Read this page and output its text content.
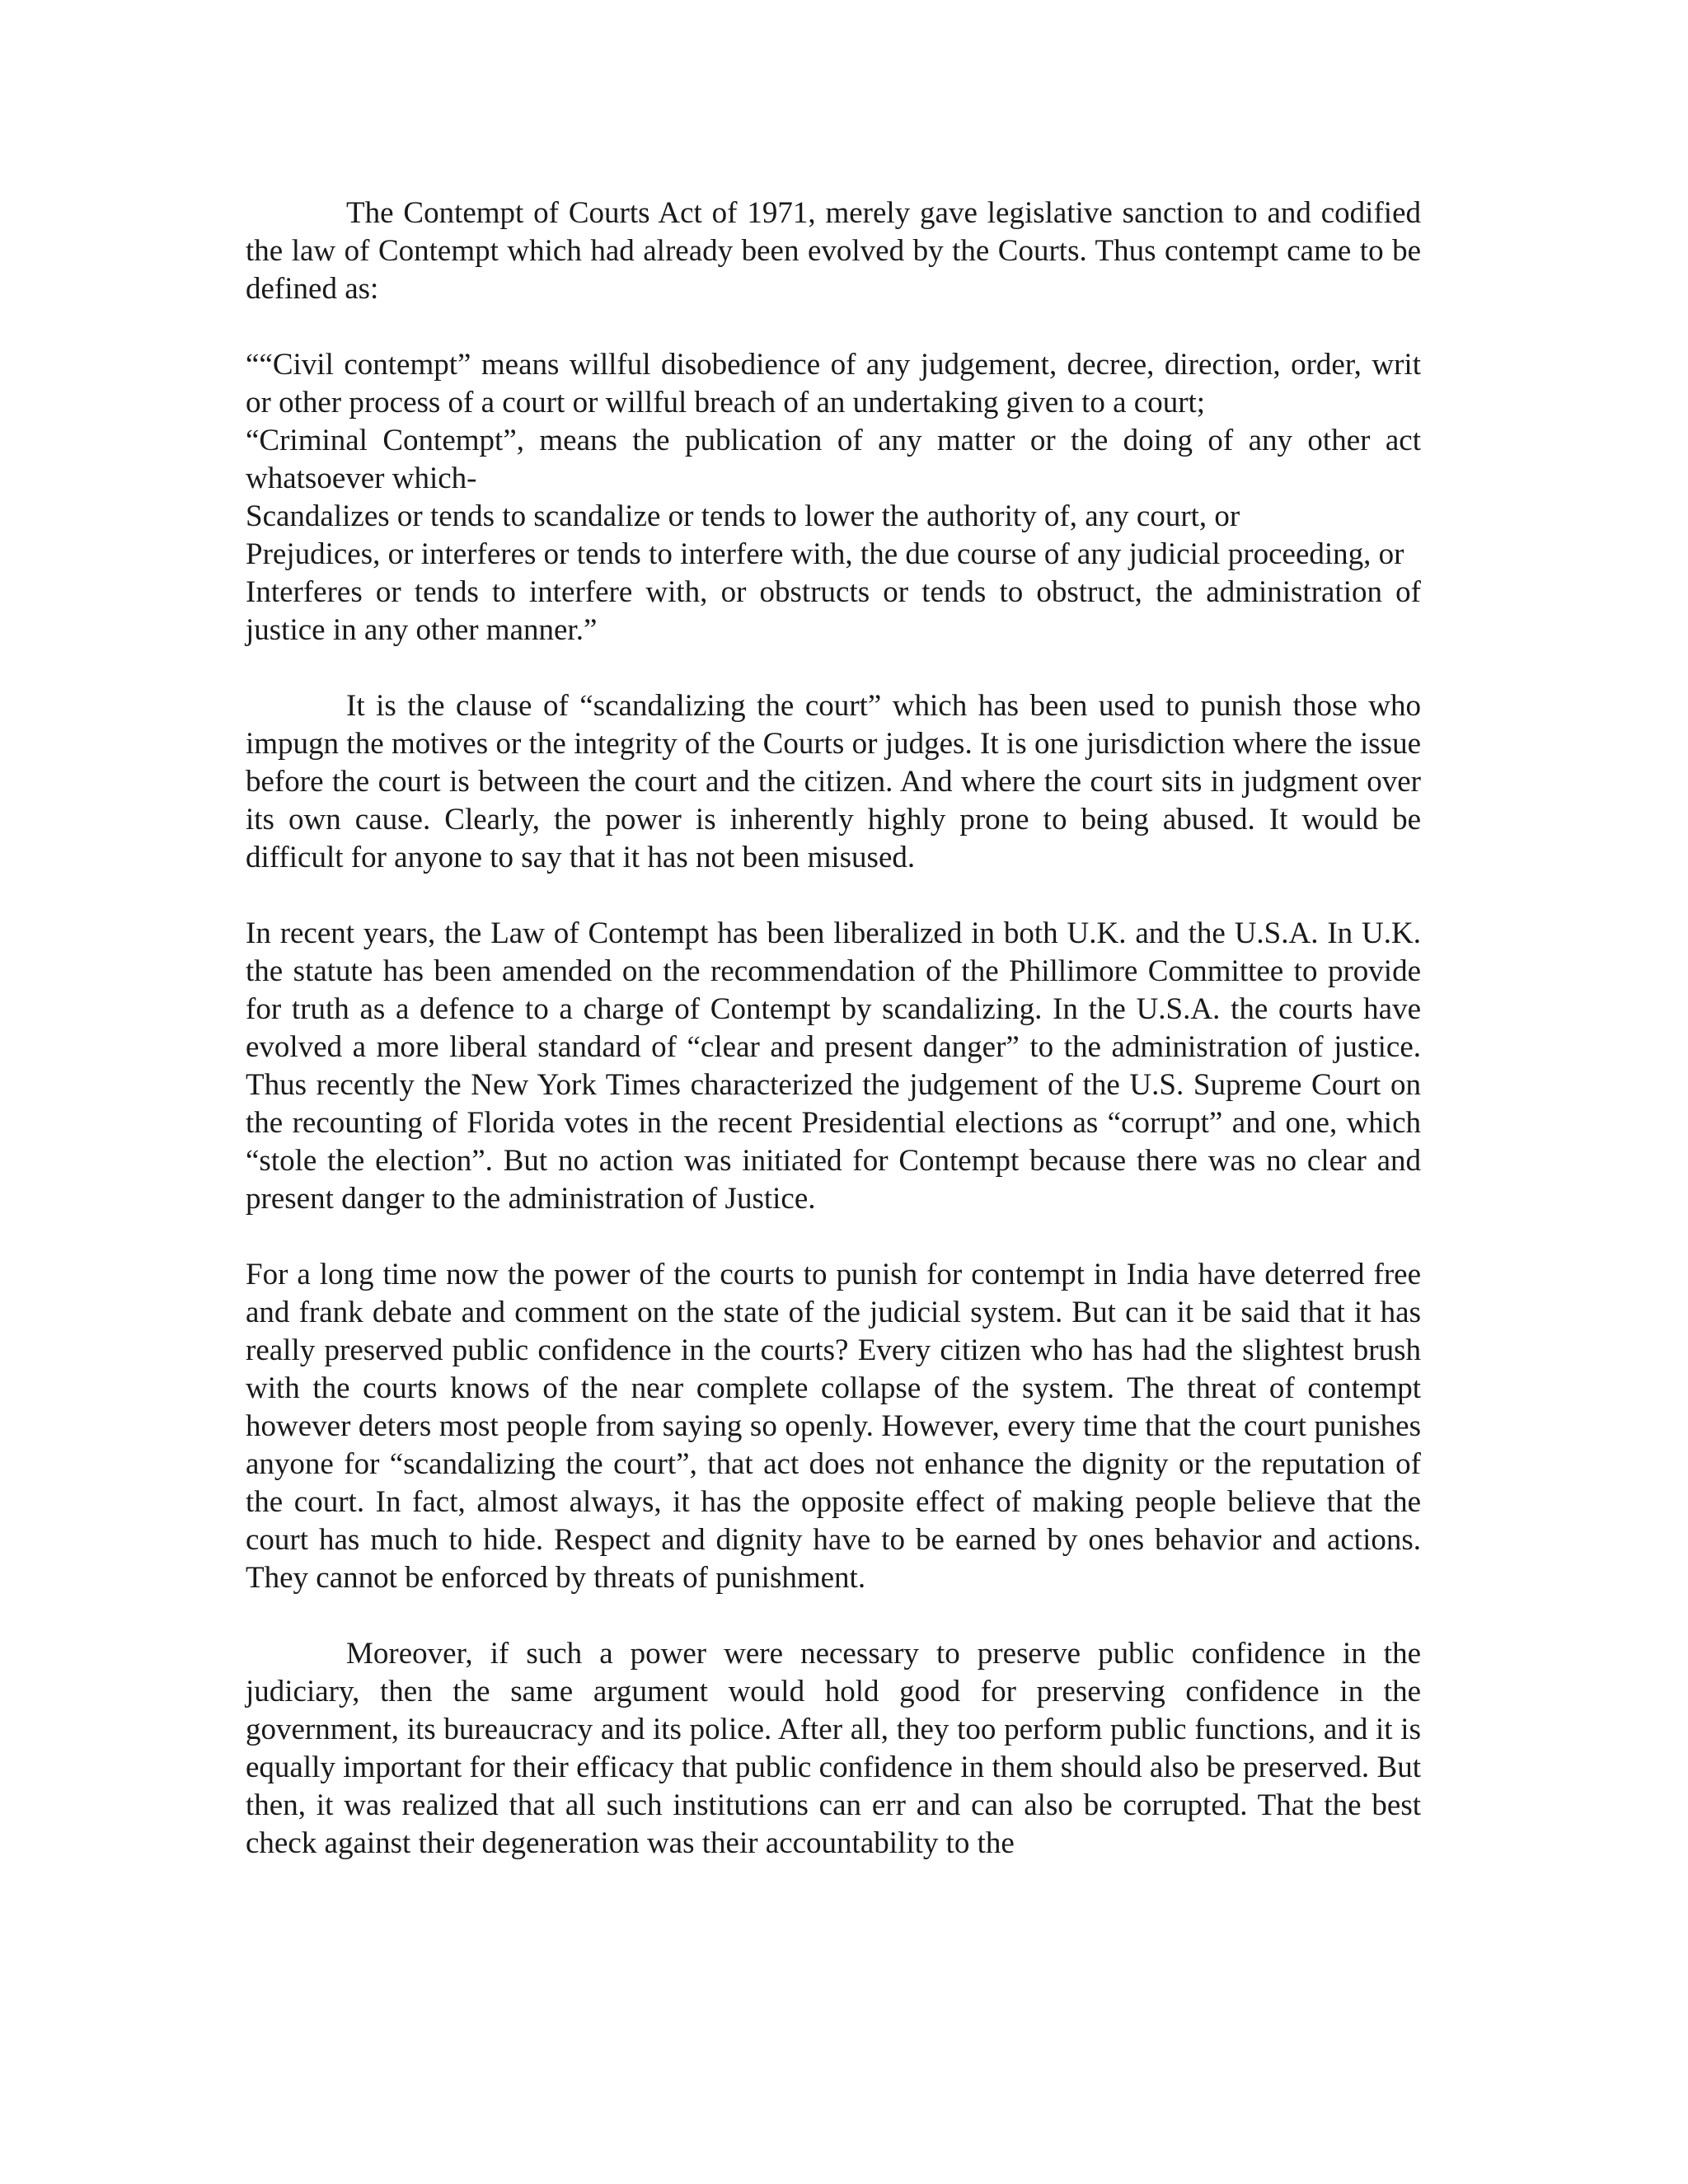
The Contempt of Courts Act of 1971, merely gave legislative sanction to and codified the law of Contempt which had already been evolved by the Courts. Thus contempt came to be defined as:

““Civil contempt” means willful disobedience of any judgement, decree, direction, order, writ or other process of a court or willful breach of an undertaking given to a court;

“Criminal Contempt”, means the publication of any matter or the doing of any other act whatsoever which-

Scandalizes or tends to scandalize or tends to lower the authority of, any court, or

Prejudices, or interferes or tends to interfere with, the due course of any judicial proceeding, or

Interferes or tends to interfere with, or obstructs or tends to obstruct, the administration of justice in any other manner.”

It is the clause of “scandalizing the court” which has been used to punish those who impugn the motives or the integrity of the Courts or judges. It is one jurisdiction where the issue before the court is between the court and the citizen. And where the court sits in judgment over its own cause. Clearly, the power is inherently highly prone to being abused. It would be difficult for anyone to say that it has not been misused.

In recent years, the Law of Contempt has been liberalized in both U.K. and the U.S.A. In U.K. the statute has been amended on the recommendation of the Phillimore Committee to provide for truth as a defence to a charge of Contempt by scandalizing. In the U.S.A. the courts have evolved a more liberal standard of “clear and present danger” to the administration of justice. Thus recently the New York Times characterized the judgement of the U.S. Supreme Court on the recounting of Florida votes in the recent Presidential elections as “corrupt” and one, which “stole the election”. But no action was initiated for Contempt because there was no clear and present danger to the administration of Justice.

For a long time now the power of the courts to punish for contempt in India have deterred free and frank debate and comment on the state of the judicial system. But can it be said that it has really preserved public confidence in the courts? Every citizen who has had the slightest brush with the courts knows of the near complete collapse of the system. The threat of contempt however deters most people from saying so openly. However, every time that the court punishes anyone for “scandalizing the court”, that act does not enhance the dignity or the reputation of the court. In fact, almost always, it has the opposite effect of making people believe that the court has much to hide. Respect and dignity have to be earned by ones behavior and actions. They cannot be enforced by threats of punishment.

Moreover, if such a power were necessary to preserve public confidence in the judiciary, then the same argument would hold good for preserving confidence in the government, its bureaucracy and its police. After all, they too perform public functions, and it is equally important for their efficacy that public confidence in them should also be preserved. But then, it was realized that all such institutions can err and can also be corrupted. That the best check against their degeneration was their accountability to the
